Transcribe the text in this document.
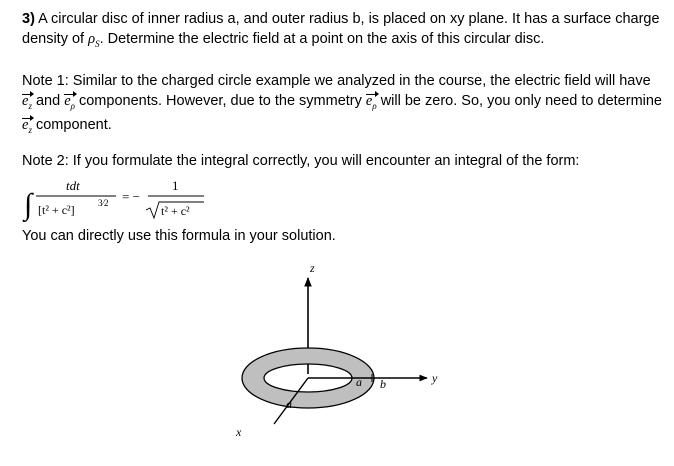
3) A circular disc of inner radius a, and outer radius b, is placed on xy plane. It has a surface charge density of $\rho_S$. Determine the electric field at a point on the axis of this circular disc.

Note 1: Similar to the charged circle example we analyzed in the course, the electric field will have $e_z$ and $e_\rho$ components. However, due to the symmetry $e_\rho$ will be zero. So, you only need to determine $e_z$ component.

Note 2: If you formulate the integral correctly, you will encounter an integral of the form:

∫
tdt
[t² + c²]	3⁄2 = −
1
t² + c²

You can directly use this formula in your solution.

z
y
x
a b
a
